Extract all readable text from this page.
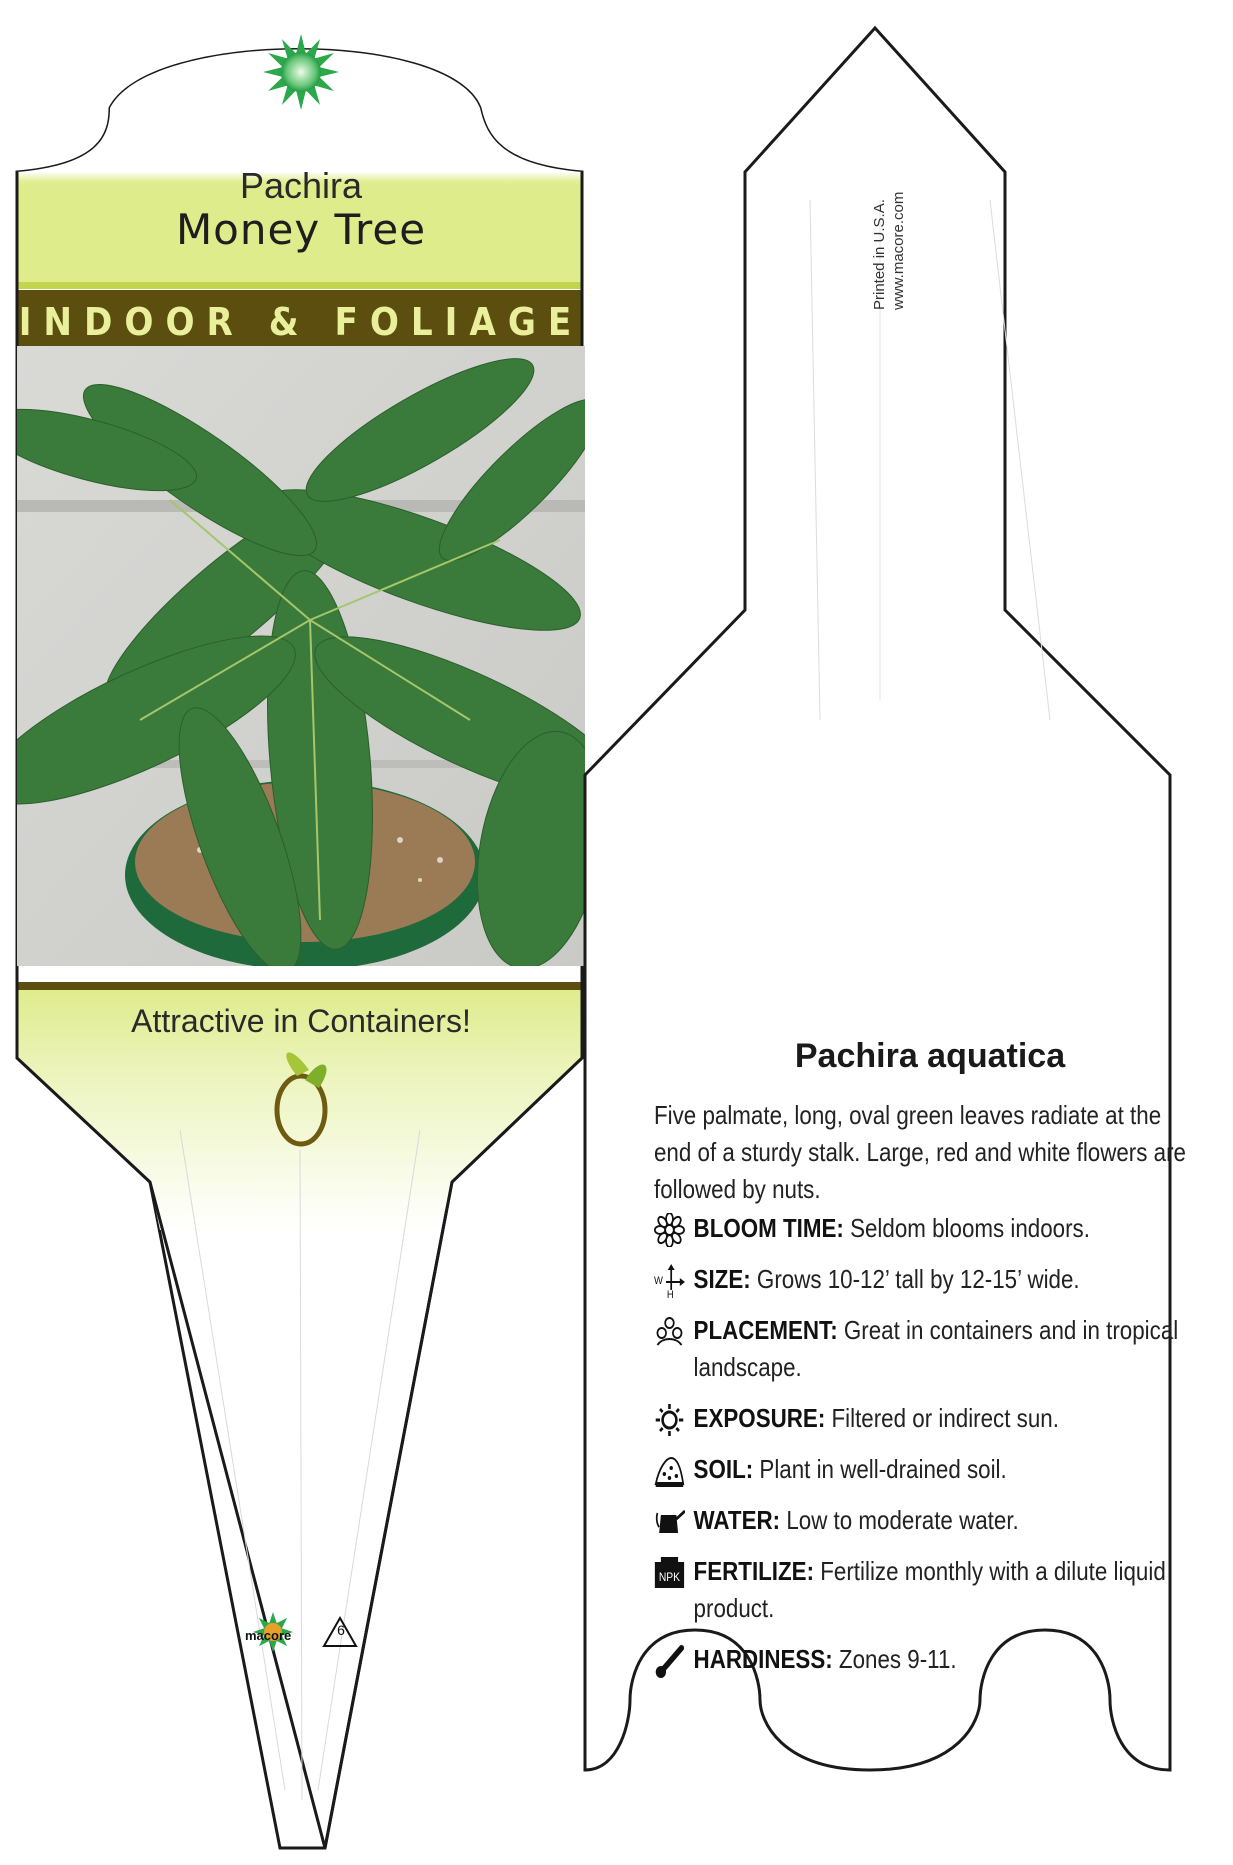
Pachira
Money Tree
INDOOR & FOLIAGE
Attractive in Containers!
macore	6
Printed in U.S.A. www.macore.com
Pachira aquatica
Five palmate, long, oval green leaves radiate at the end of a sturdy stalk. Large, red and white flowers are followed by nuts.
BLOOM TIME: Seldom blooms indoors.
W
H
SIZE: Grows 10-12’ tall by 12-15’ wide.
PLACEMENT: Great in containers and in tropical landscape.
EXPOSURE: Filtered or indirect sun.
SOIL: Plant in well-drained soil.
WATER: Low to moderate water.
NPK FERTILIZE: Fertilize monthly with a dilute liquid product.
HARDINESS: Zones 9-11.
